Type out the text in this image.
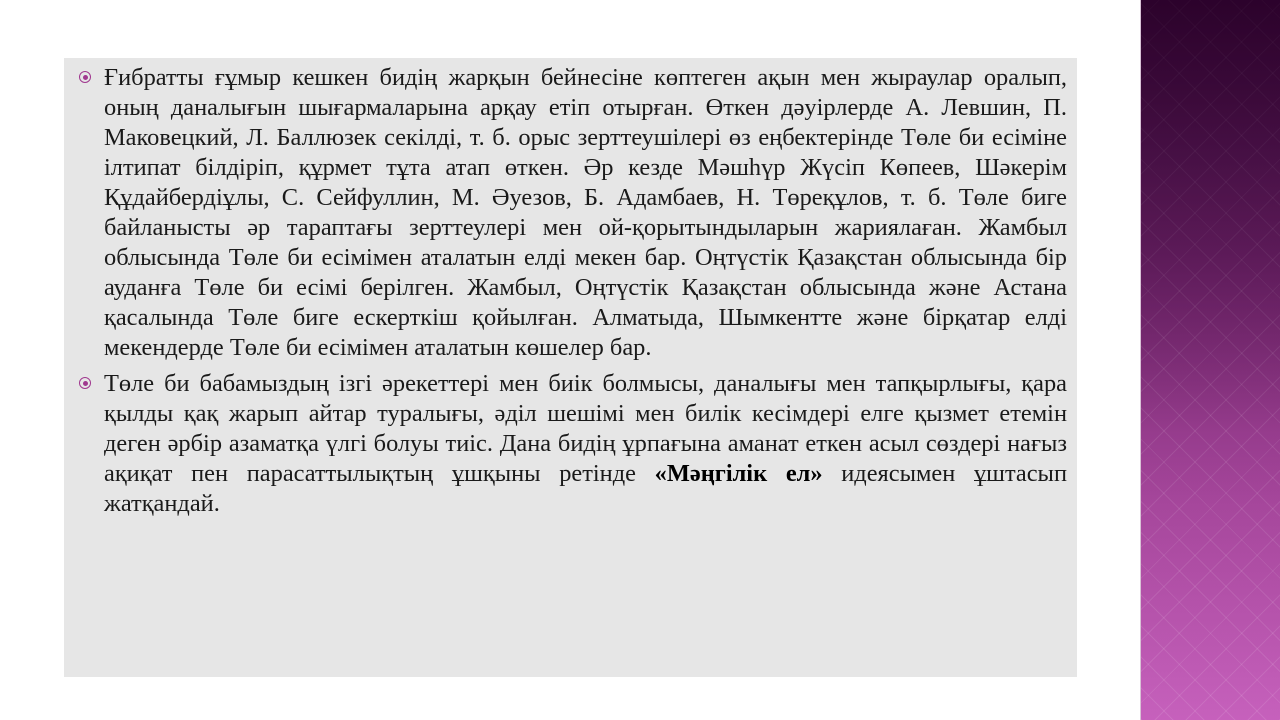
Ғибратты ғұмыр кешкен бидің жарқын бейнесіне көптеген ақын мен жыраулар оралып, оның даналығын шығармаларына арқау етіп отырған. Өткен дәуірлерде А. Левшин, П. Маковецкий, Л. Баллюзек секілді, т. б. орыс зерттеушілері өз еңбектерінде Төле би есіміне ілтипат білдіріп, құрмет тұта атап өткен. Әр кезде Мәшһүр Жүсіп Көпеев, Шәкерім Құдайбердіұлы, С. Сейфуллин, М. Әуезов, Б. Адамбаев, Н. Төреқұлов, т. б. Төле биге байланысты әр тараптағы зерттеулері мен ой-қорытындыларын жариялаған. Жамбыл облысында Төле би есімімен аталатын елді мекен бар. Оңтүстік Қазақстан облысында бір ауданға Төле би есімі берілген. Жамбыл, Оңтүстік Қазақстан облысында және Астана қасалында Төле биге ескерткіш қойылған. Алматыда, Шымкентте және бірқатар елді мекендерде Төле би есімімен аталатын көшелер бар.

Төле би бабамыздың ізгі әрекеттері мен биік болмысы, даналығы мен тапқырлығы, қара қылды қақ жарып айтар туралығы, әділ шешімі мен билік кесімдері елге қызмет етемін деген әрбір азаматқа үлгі болуы тиіс. Дана бидің ұрпағына аманат еткен асыл сөздері нағыз ақиқат пен парасаттылықтың ұшқыны ретінде «Мәңгілік ел» идеясымен ұштасып жатқандай.
